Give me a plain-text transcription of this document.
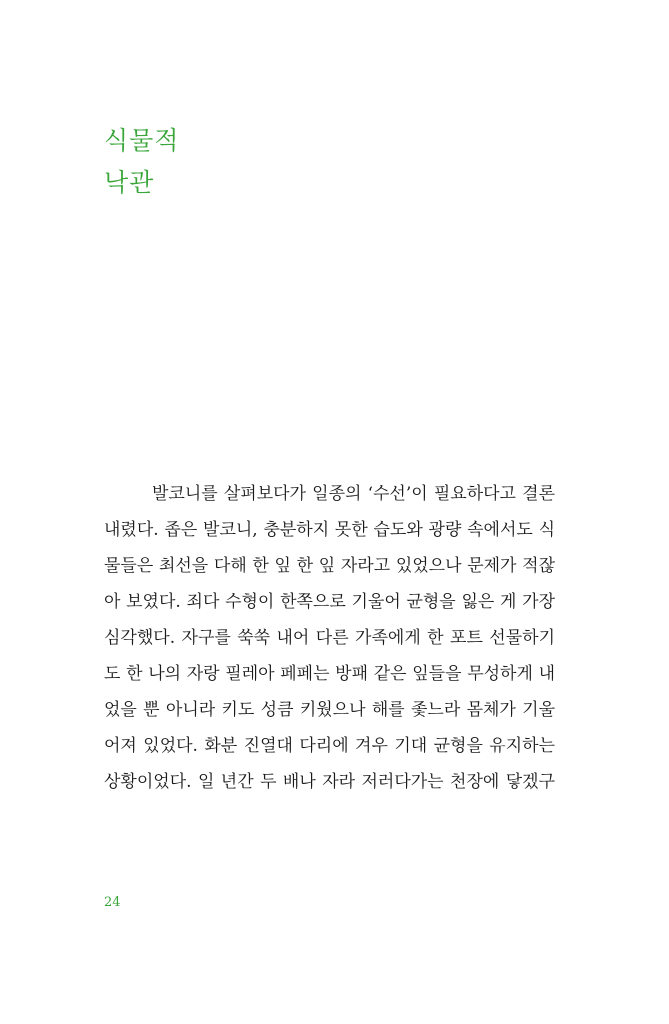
식물적
낙관
발코니를 살펴보다가 일종의 ‘수선’이 필요하다고 결론
내렸다. 좁은 발코니, 충분하지 못한 습도와 광량 속에서도 식
물들은 최선을 다해 한 잎 한 잎 자라고 있었으나 문제가 적잖
아 보였다. 죄다 수형이 한쪽으로 기울어 균형을 잃은 게 가장
심각했다. 자구를 쑥쑥 내어 다른 가족에게 한 포트 선물하기
도 한 나의 자랑 필레아 페페는 방패 같은 잎들을 무성하게 내
었을 뿐 아니라 키도 성큼 키웠으나 해를 좇느라 몸체가 기울
어져 있었다. 화분 진열대 다리에 겨우 기대 균형을 유지하는
상황이었다. 일 년간 두 배나 자라 저러다가는 천장에 닿겠구

24
